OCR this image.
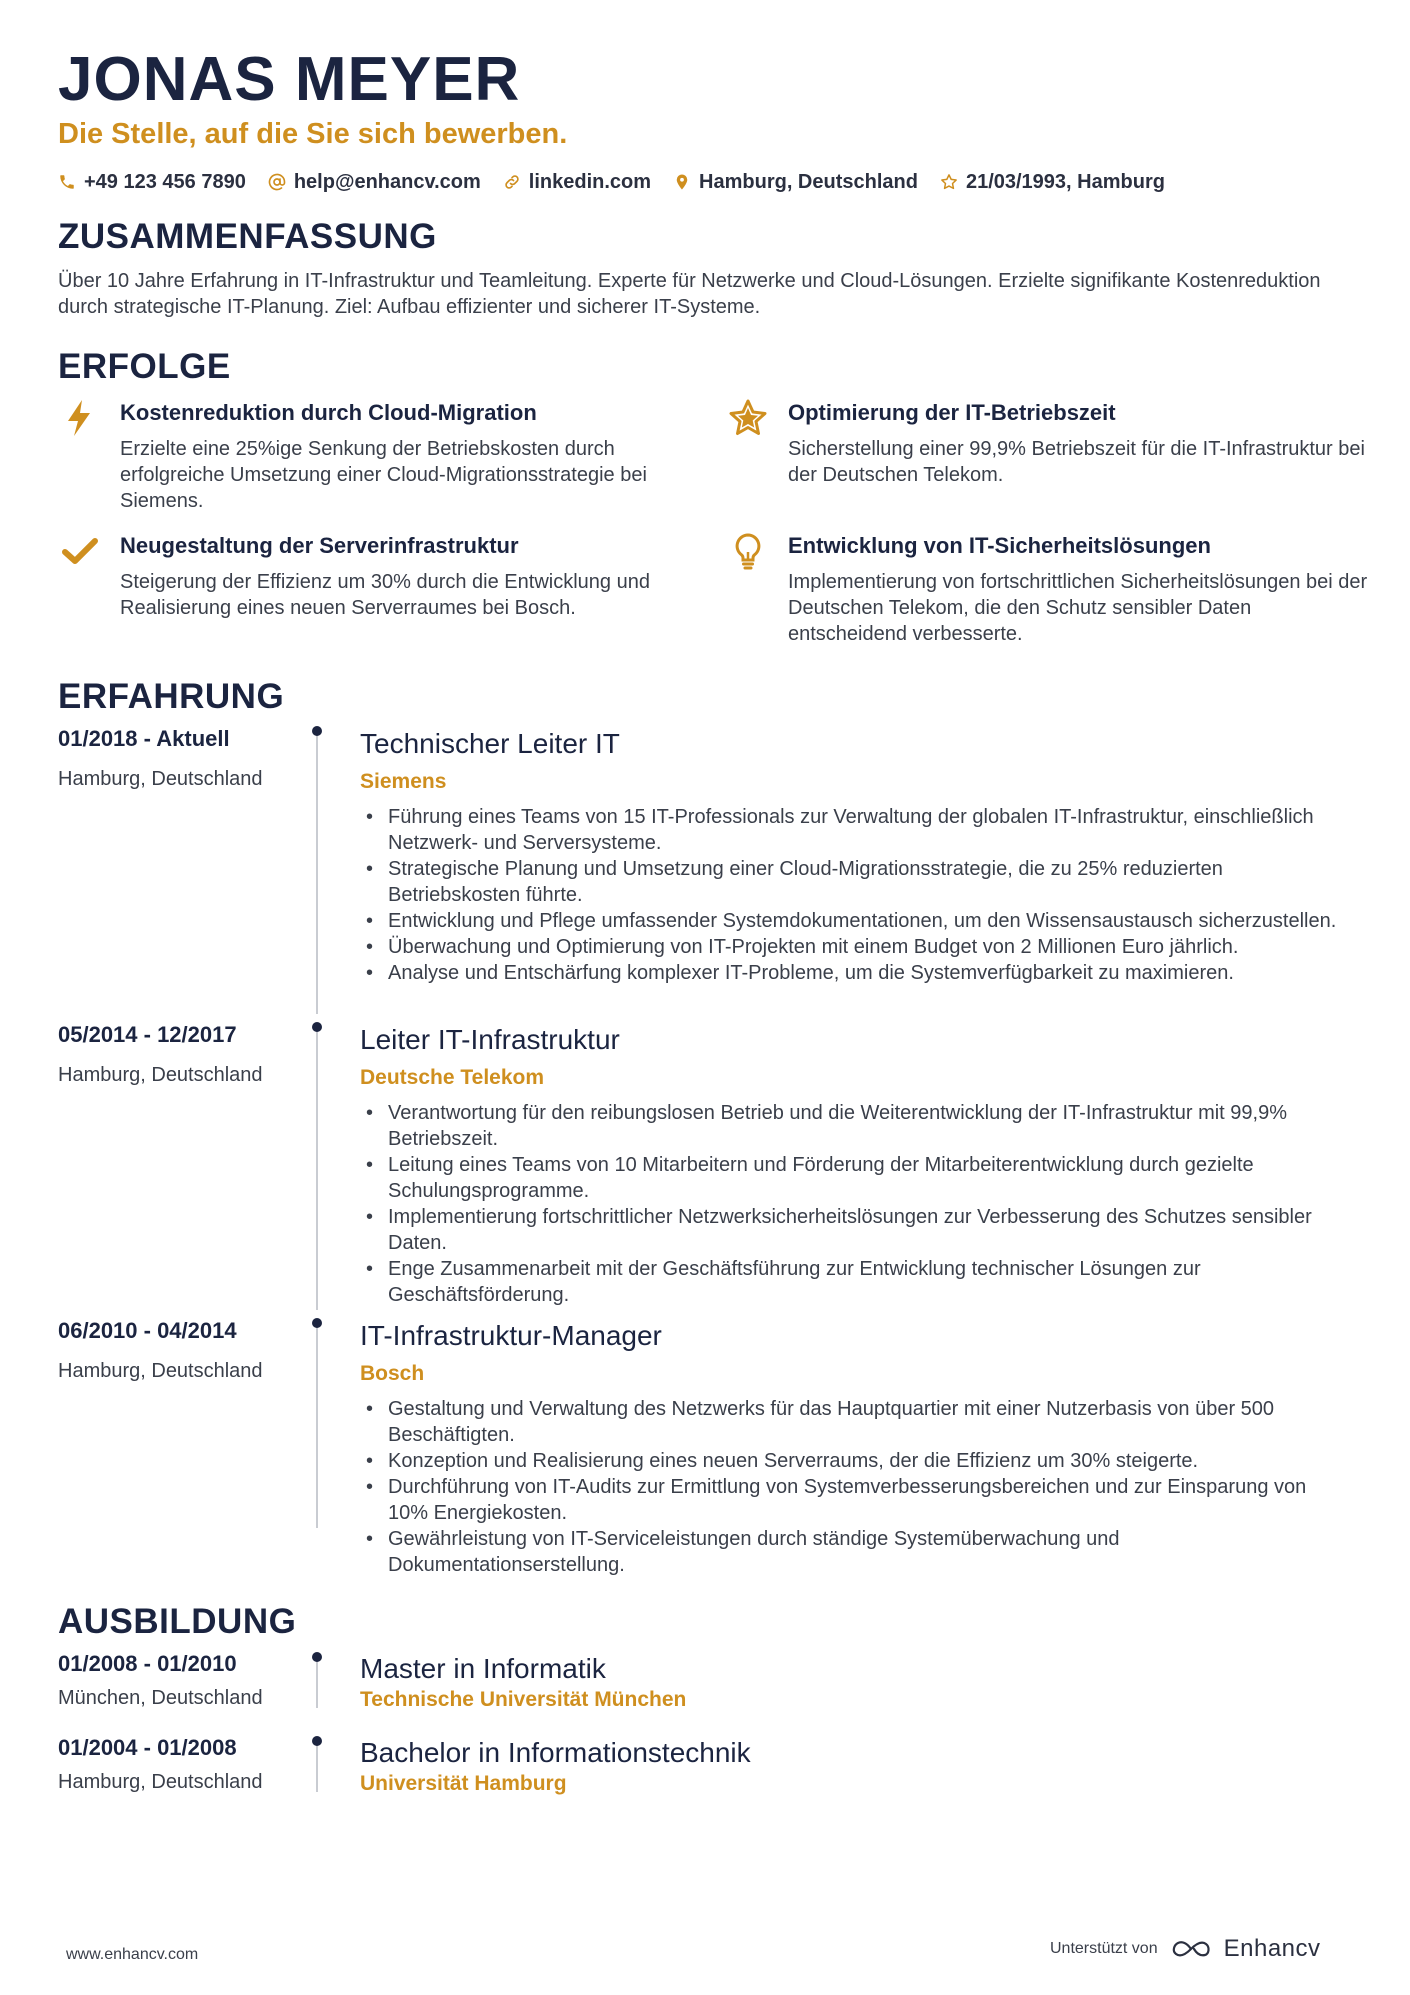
JONAS MEYER
Die Stelle, auf die Sie sich bewerben.
+49 123 456 7890 help@enhancv.com linkedin.com Hamburg, Deutschland 21/03/1993, Hamburg
ZUSAMMENFASSUNG
Über 10 Jahre Erfahrung in IT-Infrastruktur und Teamleitung. Experte für Netzwerke und Cloud-Lösungen. Erzielte signifikante Kostenreduktion durch strategische IT-Planung. Ziel: Aufbau effizienter und sicherer IT-Systeme.
ERFOLGE
Kostenreduktion durch Cloud-Migration
Erzielte eine 25%ige Senkung der Betriebskosten durch erfolgreiche Umsetzung einer Cloud-Migrationsstrategie bei Siemens.
Optimierung der IT-Betriebszeit
Sicherstellung einer 99,9% Betriebszeit für die IT-Infrastruktur bei der Deutschen Telekom.
Neugestaltung der Serverinfrastruktur
Steigerung der Effizienz um 30% durch die Entwicklung und Realisierung eines neuen Serverraumes bei Bosch.
Entwicklung von IT-Sicherheitslösungen
Implementierung von fortschrittlichen Sicherheitslösungen bei der Deutschen Telekom, die den Schutz sensibler Daten entscheidend verbesserte.
ERFAHRUNG
01/2018 - Aktuell
Hamburg, Deutschland
Technischer Leiter IT
Siemens
• Führung eines Teams von 15 IT-Professionals zur Verwaltung der globalen IT-Infrastruktur, einschließlich Netzwerk- und Serversysteme.
• Strategische Planung und Umsetzung einer Cloud-Migrationsstrategie, die zu 25% reduzierten Betriebskosten führte.
• Entwicklung und Pflege umfassender Systemdokumentationen, um den Wissensaustausch sicherzustellen.
• Überwachung und Optimierung von IT-Projekten mit einem Budget von 2 Millionen Euro jährlich.
• Analyse und Entschärfung komplexer IT-Probleme, um die Systemverfügbarkeit zu maximieren.
05/2014 - 12/2017
Hamburg, Deutschland
Leiter IT-Infrastruktur
Deutsche Telekom
• Verantwortung für den reibungslosen Betrieb und die Weiterentwicklung der IT-Infrastruktur mit 99,9% Betriebszeit.
• Leitung eines Teams von 10 Mitarbeitern und Förderung der Mitarbeiterentwicklung durch gezielte Schulungsprogramme.
• Implementierung fortschrittlicher Netzwerksicherheitslösungen zur Verbesserung des Schutzes sensibler Daten.
• Enge Zusammenarbeit mit der Geschäftsführung zur Entwicklung technischer Lösungen zur Geschäftsförderung.
06/2010 - 04/2014
Hamburg, Deutschland
IT-Infrastruktur-Manager
Bosch
• Gestaltung und Verwaltung des Netzwerks für das Hauptquartier mit einer Nutzerbasis von über 500 Beschäftigten.
• Konzeption und Realisierung eines neuen Serverraums, der die Effizienz um 30% steigerte.
• Durchführung von IT-Audits zur Ermittlung von Systemverbesserungsbereichen und zur Einsparung von 10% Energiekosten.
• Gewährleistung von IT-Serviceleistungen durch ständige Systemüberwachung und Dokumentationserstellung.
AUSBILDUNG
01/2008 - 01/2010
München, Deutschland
Master in Informatik
Technische Universität München
01/2004 - 01/2008
Hamburg, Deutschland
Bachelor in Informationstechnik
Universität Hamburg
www.enhancv.com	Unterstützt von	Enhancv
